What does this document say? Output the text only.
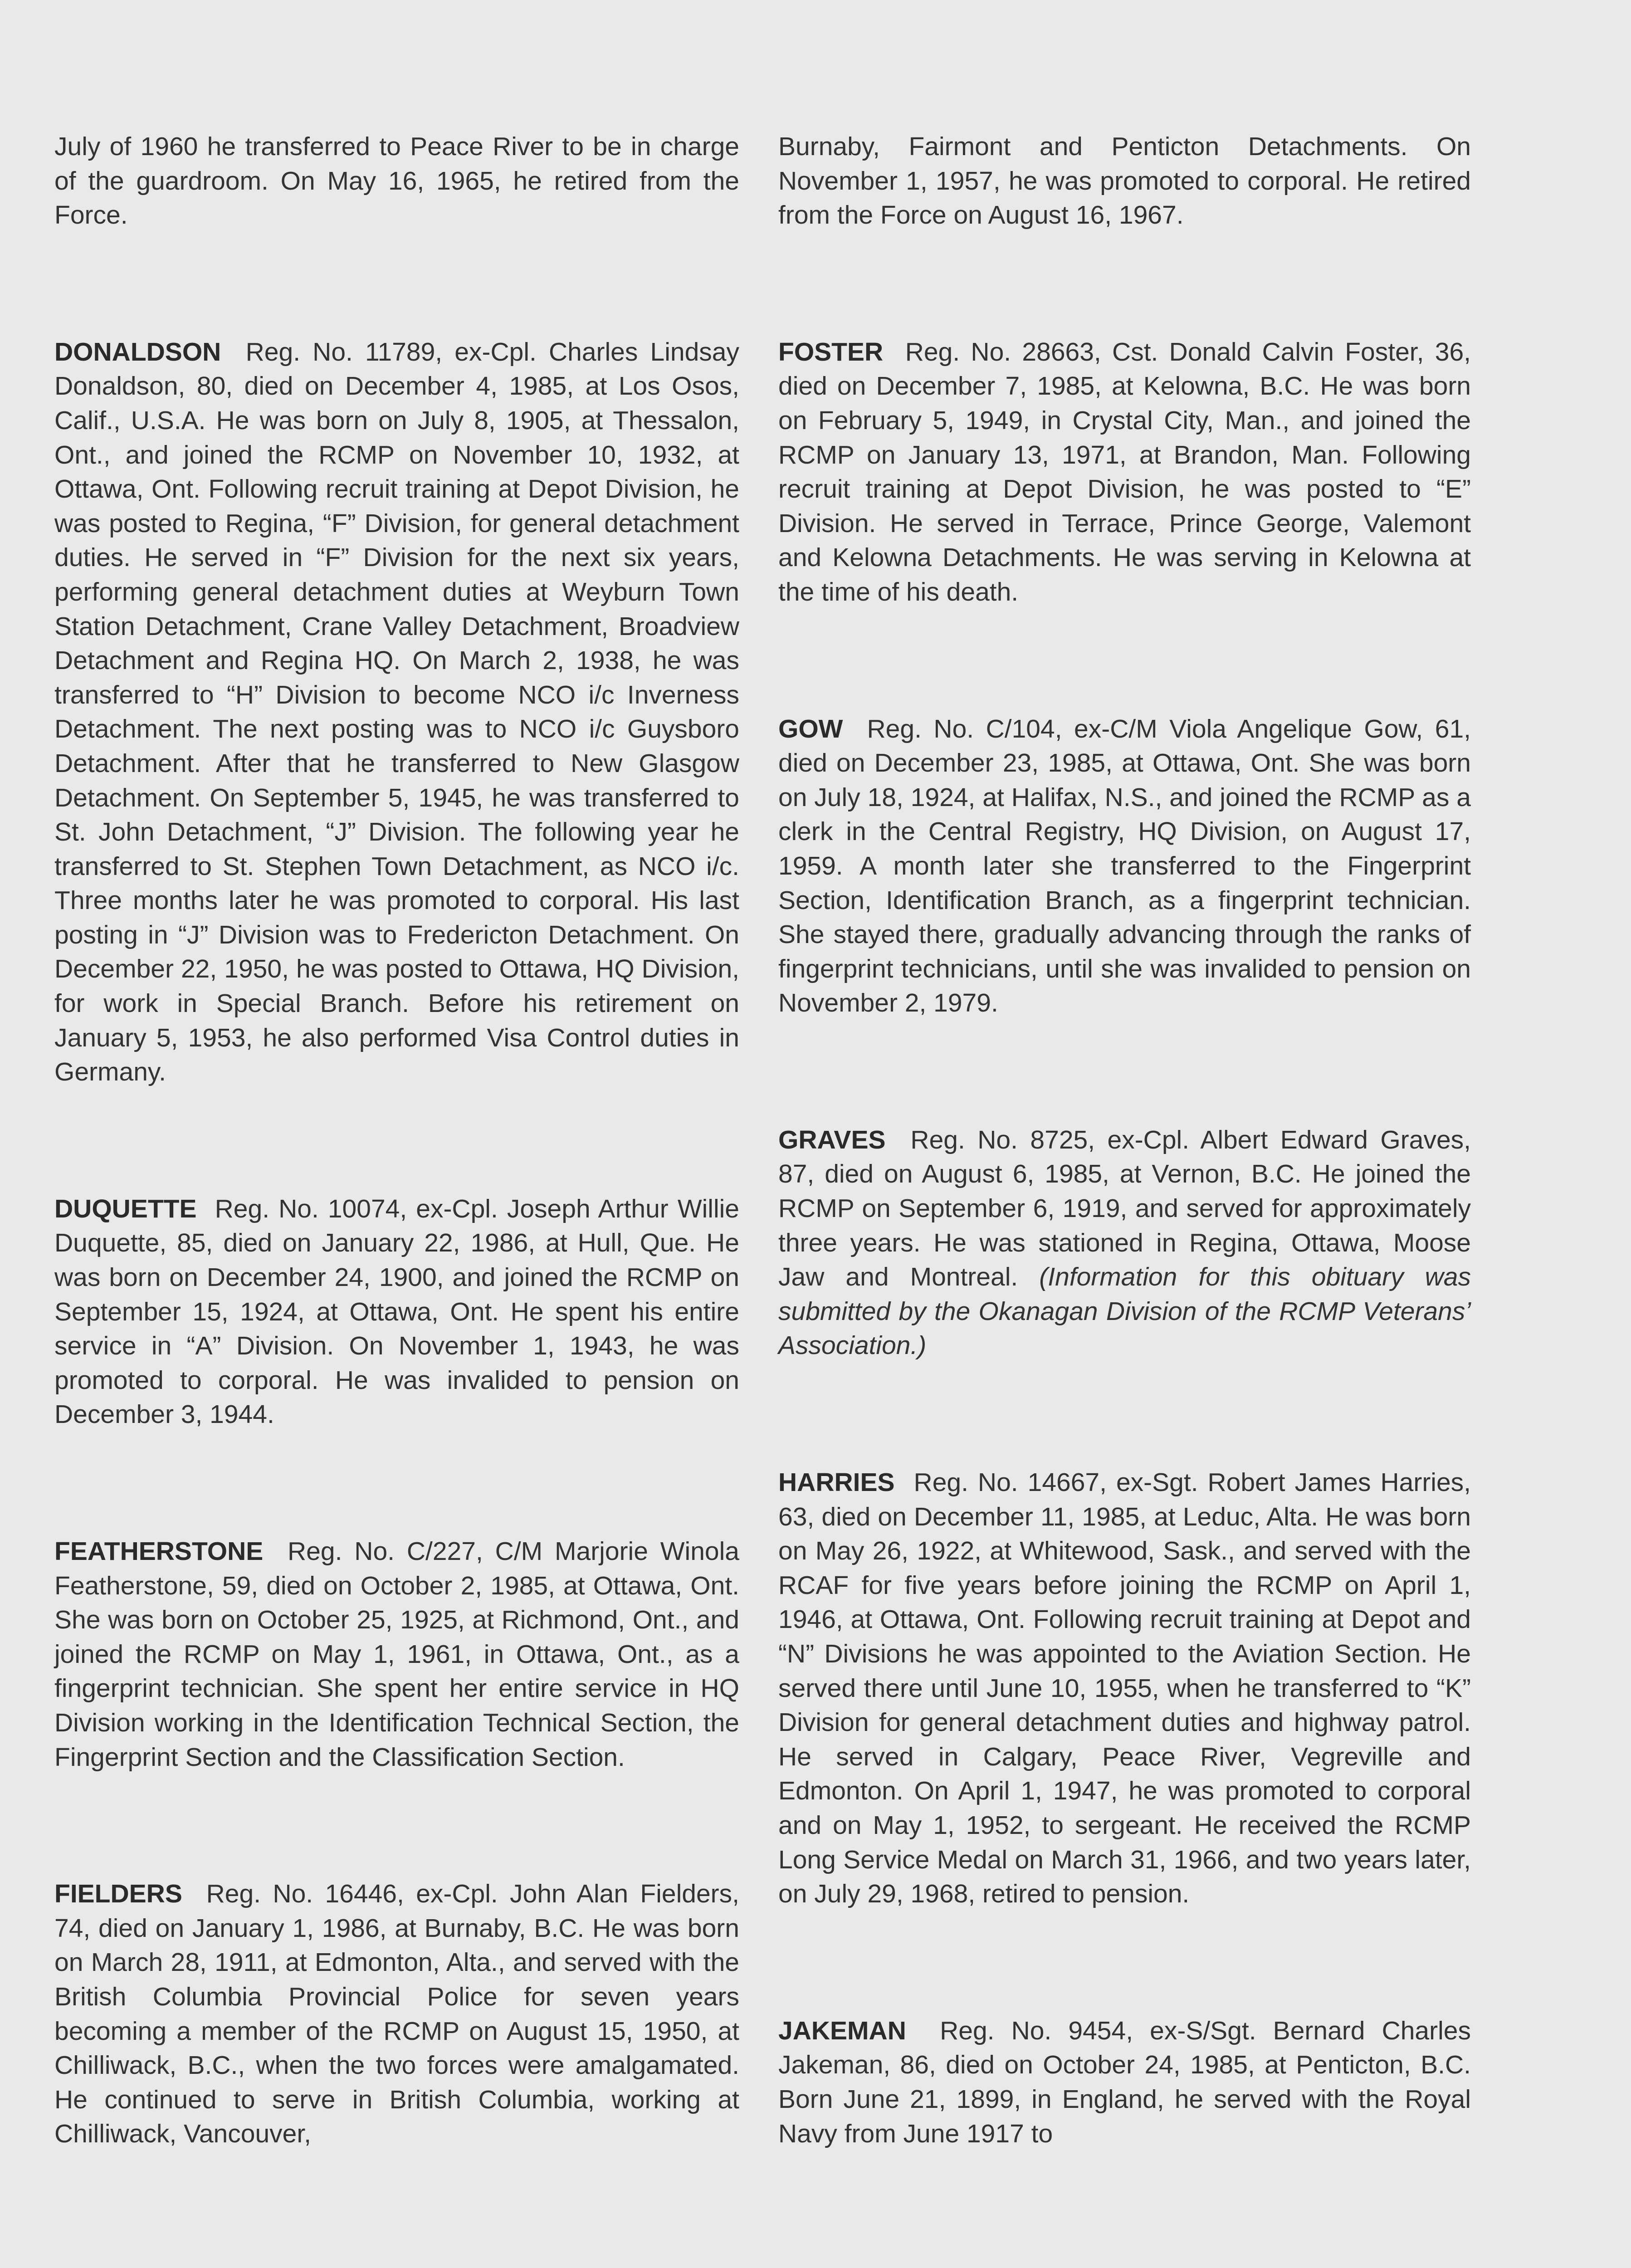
July of 1960 he transferred to Peace River to be in charge of the guardroom. On May 16, 1965, he retired from the Force.

DONALDSON Reg. No. 11789, ex-Cpl. Charles Lindsay Donaldson, 80, died on December 4, 1985, at Los Osos, Calif., U.S.A. He was born on July 8, 1905, at Thessalon, Ont., and joined the RCMP on November 10, 1932, at Ottawa, Ont. Following recruit training at Depot Division, he was posted to Regina, “F” Division, for general detachment duties. He served in “F” Division for the next six years, performing general detachment duties at Weyburn Town Station Detachment, Crane Valley Detachment, Broadview Detachment and Regina HQ. On March 2, 1938, he was transferred to “H” Division to become NCO i/c Inverness Detachment. The next posting was to NCO i/c Guysboro Detachment. After that he transferred to New Glasgow Detachment. On September 5, 1945, he was transferred to St. John Detachment, “J” Division. The following year he transferred to St. Stephen Town Detachment, as NCO i/c. Three months later he was promoted to corporal. His last posting in “J” Division was to Fredericton Detachment. On December 22, 1950, he was posted to Ottawa, HQ Division, for work in Special Branch. Before his retirement on January 5, 1953, he also performed Visa Control duties in Germany.

DUQUETTE Reg. No. 10074, ex-Cpl. Joseph Arthur Willie Duquette, 85, died on January 22, 1986, at Hull, Que. He was born on December 24, 1900, and joined the RCMP on September 15, 1924, at Ottawa, Ont. He spent his entire service in “A” Division. On November 1, 1943, he was promoted to corporal. He was invalided to pension on December 3, 1944.

FEATHERSTONE Reg. No. C/227, C/M Marjorie Winola Featherstone, 59, died on October 2, 1985, at Ottawa, Ont. She was born on October 25, 1925, at Richmond, Ont., and joined the RCMP on May 1, 1961, in Ottawa, Ont., as a fingerprint technician. She spent her entire service in HQ Division working in the Identification Technical Section, the Fingerprint Section and the Classification Section.

FIELDERS Reg. No. 16446, ex-Cpl. John Alan Fielders, 74, died on January 1, 1986, at Burnaby, B.C. He was born on March 28, 1911, at Edmonton, Alta., and served with the British Columbia Provincial Police for seven years becoming a member of the RCMP on August 15, 1950, at Chilliwack, B.C., when the two forces were amalgamated. He continued to serve in British Columbia, working at Chilliwack, Vancouver,

Burnaby, Fairmont and Penticton Detachments. On November 1, 1957, he was promoted to corporal. He retired from the Force on August 16, 1967.

FOSTER Reg. No. 28663, Cst. Donald Calvin Foster, 36, died on December 7, 1985, at Kelowna, B.C. He was born on February 5, 1949, in Crystal City, Man., and joined the RCMP on January 13, 1971, at Brandon, Man. Following recruit training at Depot Division, he was posted to “E” Division. He served in Terrace, Prince George, Valemont and Kelowna Detachments. He was serving in Kelowna at the time of his death.

GOW Reg. No. C/104, ex-C/M Viola Angelique Gow, 61, died on December 23, 1985, at Ottawa, Ont. She was born on July 18, 1924, at Halifax, N.S., and joined the RCMP as a clerk in the Central Registry, HQ Division, on August 17, 1959. A month later she transferred to the Fingerprint Section, Identification Branch, as a fingerprint technician. She stayed there, gradually advancing through the ranks of fingerprint technicians, until she was invalided to pension on November 2, 1979.

GRAVES Reg. No. 8725, ex-Cpl. Albert Edward Graves, 87, died on August 6, 1985, at Vernon, B.C. He joined the RCMP on September 6, 1919, and served for approximately three years. He was stationed in Regina, Ottawa, Moose Jaw and Montreal. (Information for this obituary was submitted by the Okanagan Division of the RCMP Veterans’ Association.)

HARRIES Reg. No. 14667, ex-Sgt. Robert James Harries, 63, died on December 11, 1985, at Leduc, Alta. He was born on May 26, 1922, at Whitewood, Sask., and served with the RCAF for five years before joining the RCMP on April 1, 1946, at Ottawa, Ont. Following recruit training at Depot and “N” Divisions he was appointed to the Aviation Section. He served there until June 10, 1955, when he transferred to “K” Division for general detachment duties and highway patrol. He served in Calgary, Peace River, Vegreville and Edmonton. On April 1, 1947, he was promoted to corporal and on May 1, 1952, to sergeant. He received the RCMP Long Service Medal on March 31, 1966, and two years later, on July 29, 1968, retired to pension.

JAKEMAN Reg. No. 9454, ex-S/Sgt. Bernard Charles Jakeman, 86, died on October 24, 1985, at Penticton, B.C. Born June 21, 1899, in England, he served with the Royal Navy from June 1917 to
